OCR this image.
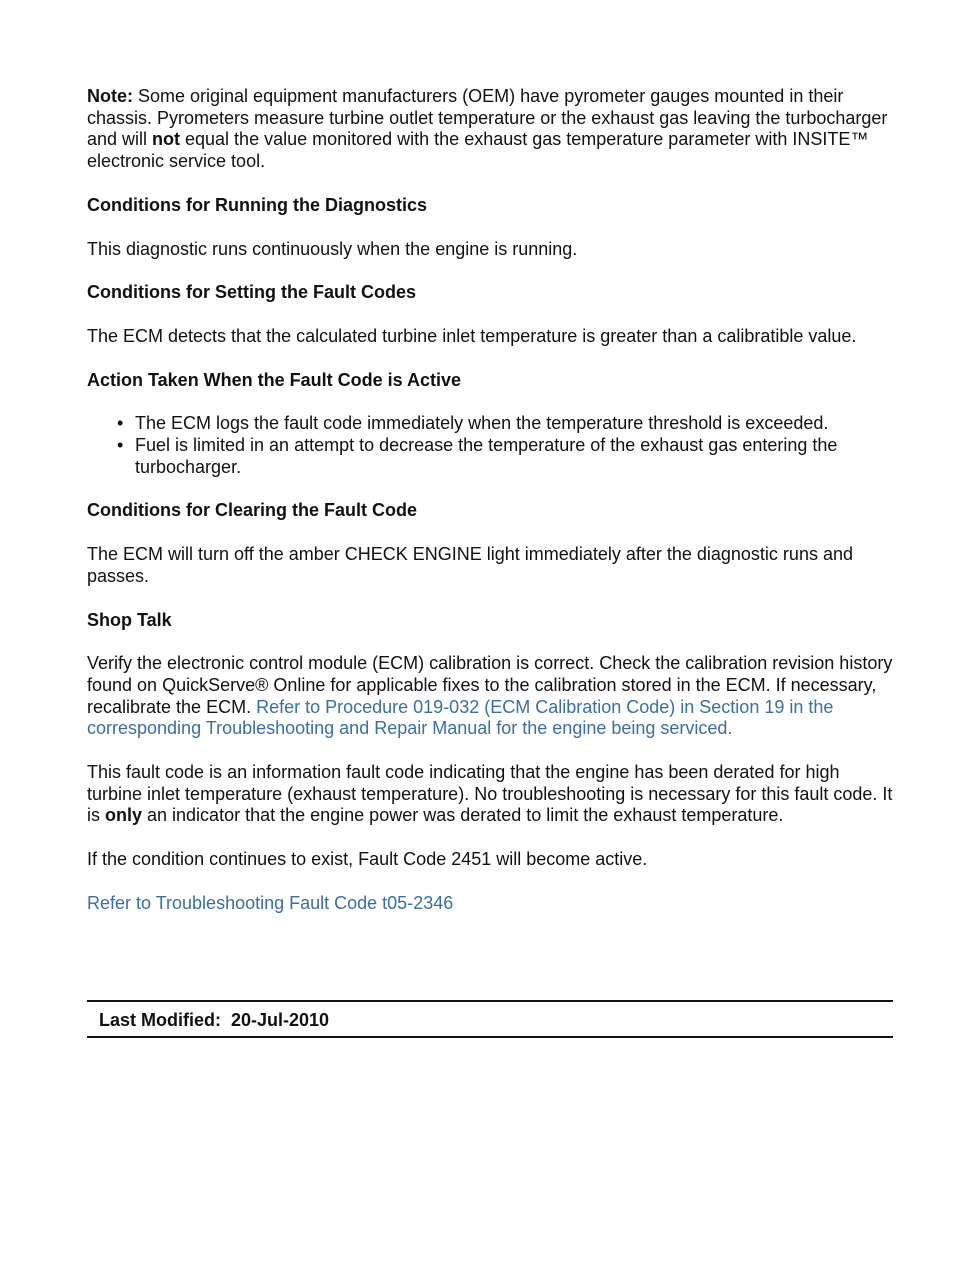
Note: Some original equipment manufacturers (OEM) have pyrometer gauges mounted in their chassis. Pyrometers measure turbine outlet temperature or the exhaust gas leaving the turbocharger and will not equal the value monitored with the exhaust gas temperature parameter with INSITE™ electronic service tool.

Conditions for Running the Diagnostics

This diagnostic runs continuously when the engine is running.

Conditions for Setting the Fault Codes

The ECM detects that the calculated turbine inlet temperature is greater than a calibratible value.

Action Taken When the Fault Code is Active
• The ECM logs the fault code immediately when the temperature threshold is exceeded.
• Fuel is limited in an attempt to decrease the temperature of the exhaust gas entering the turbocharger.
Conditions for Clearing the Fault Code

The ECM will turn off the amber CHECK ENGINE light immediately after the diagnostic runs and passes.

Shop Talk

Verify the electronic control module (ECM) calibration is correct. Check the calibration revision history found on QuickServe® Online for applicable fixes to the calibration stored in the ECM. If necessary, recalibrate the ECM. Refer to Procedure 019-032 (ECM Calibration Code) in Section 19 in the corresponding Troubleshooting and Repair Manual for the engine being serviced.

This fault code is an information fault code indicating that the engine has been derated for high turbine inlet temperature (exhaust temperature). No troubleshooting is necessary for this fault code. It is only an indicator that the engine power was derated to limit the exhaust temperature.

If the condition continues to exist, Fault Code 2451 will become active.

Refer to Troubleshooting Fault Code t05-2346

Last Modified:  20-Jul-2010
